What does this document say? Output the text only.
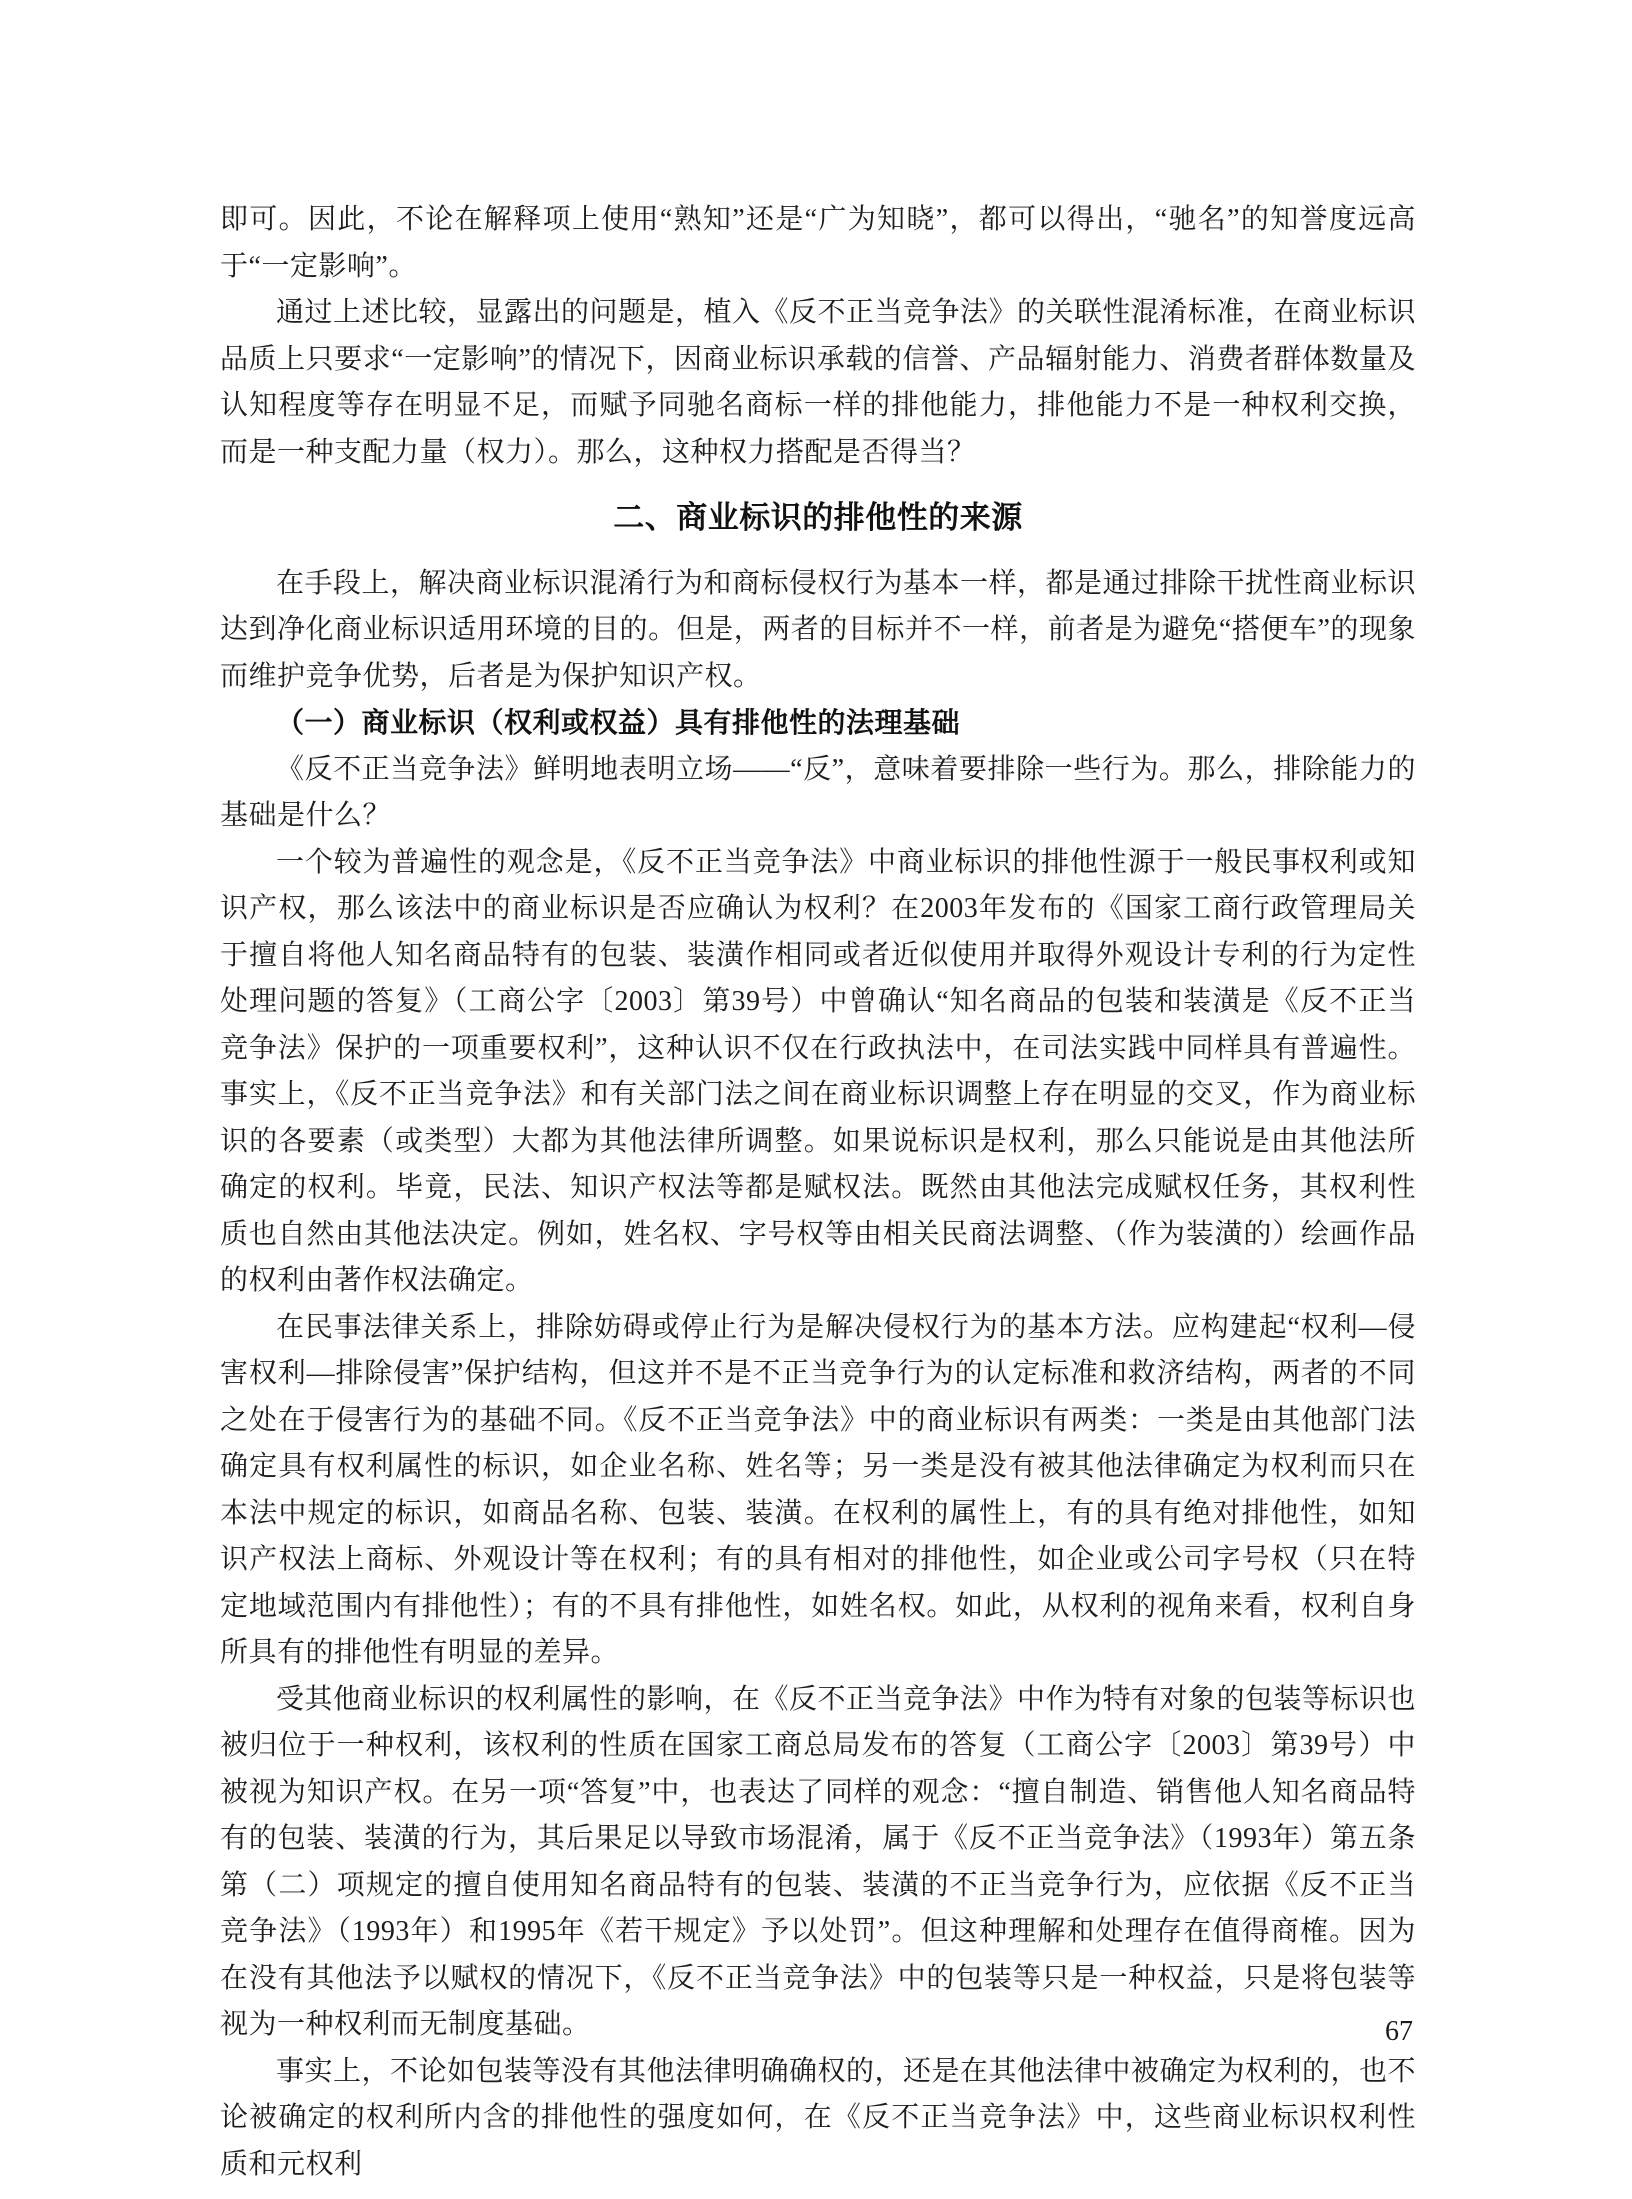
即可。因此，不论在解释项上使用“熟知”还是“广为知晓”，都可以得出，“驰名”的知誉度远高于“一定影响”。

通过上述比较，显露出的问题是，植入《反不正当竞争法》的关联性混淆标准，在商业标识品质上只要求“一定影响”的情况下，因商业标识承载的信誉、产品辐射能力、消费者群体数量及认知程度等存在明显不足，而赋予同驰名商标一样的排他能力，排他能力不是一种权利交换，而是一种支配力量（权力）。那么，这种权力搭配是否得当？

二、商业标识的排他性的来源

在手段上，解决商业标识混淆行为和商标侵权行为基本一样，都是通过排除干扰性商业标识达到净化商业标识适用环境的目的。但是，两者的目标并不一样，前者是为避免“搭便车”的现象而维护竞争优势，后者是为保护知识产权。

（一）商业标识（权利或权益）具有排他性的法理基础

《反不正当竞争法》鲜明地表明立场——“反”，意味着要排除一些行为。那么，排除能力的基础是什么？

一个较为普遍性的观念是，《反不正当竞争法》中商业标识的排他性源于一般民事权利或知识产权，那么该法中的商业标识是否应确认为权利？在2003年发布的《国家工商行政管理局关于擅自将他人知名商品特有的包装、装潢作相同或者近似使用并取得外观设计专利的行为定性处理问题的答复》（工商公字〔2003〕第39号）中曾确认“知名商品的包装和装潢是《反不正当竞争法》保护的一项重要权利”，这种认识不仅在行政执法中，在司法实践中同样具有普遍性。事实上，《反不正当竞争法》和有关部门法之间在商业标识调整上存在明显的交叉，作为商业标识的各要素（或类型）大都为其他法律所调整。如果说标识是权利，那么只能说是由其他法所确定的权利。毕竟，民法、知识产权法等都是赋权法。既然由其他法完成赋权任务，其权利性质也自然由其他法决定。例如，姓名权、字号权等由相关民商法调整、（作为装潢的）绘画作品的权利由著作权法确定。

在民事法律关系上，排除妨碍或停止行为是解决侵权行为的基本方法。应构建起“权利—侵害权利—排除侵害”保护结构，但这并不是不正当竞争行为的认定标准和救济结构，两者的不同之处在于侵害行为的基础不同。《反不正当竞争法》中的商业标识有两类：一类是由其他部门法确定具有权利属性的标识，如企业名称、姓名等；另一类是没有被其他法律确定为权利而只在本法中规定的标识，如商品名称、包装、装潢。在权利的属性上，有的具有绝对排他性，如知识产权法上商标、外观设计等在权利；有的具有相对的排他性，如企业或公司字号权（只在特定地域范围内有排他性）；有的不具有排他性，如姓名权。如此，从权利的视角来看，权利自身所具有的排他性有明显的差异。

受其他商业标识的权利属性的影响，在《反不正当竞争法》中作为特有对象的包装等标识也被归位于一种权利，该权利的性质在国家工商总局发布的答复（工商公字〔2003〕第39号）中被视为知识产权。在另一项“答复”中，也表达了同样的观念：“擅自制造、销售他人知名商品特有的包装、装潢的行为，其后果足以导致市场混淆，属于《反不正当竞争法》（1993年）第五条第（二）项规定的擅自使用知名商品特有的包装、装潢的不正当竞争行为，应依据《反不正当竞争法》（1993年）和1995年《若干规定》予以处罚”。但这种理解和处理存在值得商榷。因为在没有其他法予以赋权的情况下，《反不正当竞争法》中的包装等只是一种权益，只是将包装等视为一种权利而无制度基础。

事实上，不论如包装等没有其他法律明确确权的，还是在其他法律中被确定为权利的，也不论被确定的权利所内含的排他性的强度如何，在《反不正当竞争法》中，这些商业标识权利性质和元权利

67
